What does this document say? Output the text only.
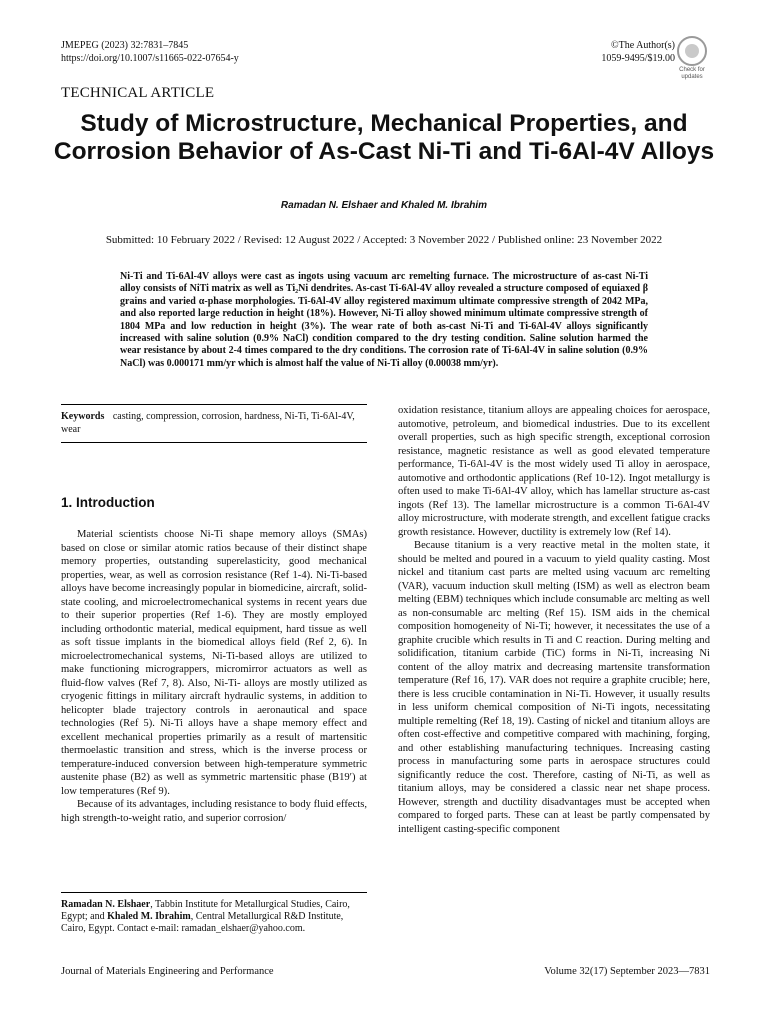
JMEPEG (2023) 32:7831–7845
https://doi.org/10.1007/s11665-022-07654-y
©The Author(s)
1059-9495/$19.00
Check for
updates
TECHNICAL ARTICLE
Study of Microstructure, Mechanical Properties, and Corrosion Behavior of As-Cast Ni-Ti and Ti-6Al-4V Alloys
Ramadan N. Elshaer and Khaled M. Ibrahim
Submitted: 10 February 2022 / Revised: 12 August 2022 / Accepted: 3 November 2022 / Published online: 23 November 2022
Ni-Ti and Ti-6Al-4V alloys were cast as ingots using vacuum arc remelting furnace. The microstructure of as-cast Ni-Ti alloy consists of NiTi matrix as well as Ti₂Ni dendrites. As-cast Ti-6Al-4V alloy revealed a structure composed of equiaxed β grains and varied α-phase morphologies. Ti-6Al-4V alloy registered maximum ultimate compressive strength of 2042 MPa, and also reported large reduction in height (18%). However, Ni-Ti alloy showed minimum ultimate compressive strength of 1804 MPa and low reduction in height (3%). The wear rate of both as-cast Ni-Ti and Ti-6Al-4V alloys significantly increased with saline solution (0.9% NaCl) condition compared to the dry testing condition. Saline solution harmed the wear resistance by about 2-4 times compared to the dry conditions. The corrosion rate of Ti-6Al-4V in saline solution (0.9% NaCl) was 0.000171 mm/yr which is almost half the value of Ni-Ti alloy (0.00038 mm/yr).
Keywords casting, compression, corrosion, hardness, Ni-Ti, Ti-6Al-4V, wear
1. Introduction

Material scientists choose Ni-Ti shape memory alloys (SMAs) based on close or similar atomic ratios because of their distinct shape memory properties, outstanding superelasticity, good mechanical properties, wear, as well as corrosion resistance (Ref 1-4). Ni-Ti-based alloys have become increasingly popular in biomedicine, aircraft, solid-state cooling, and microelectromechanical systems in recent years due to their superior properties (Ref 1-6). They are mostly employed including orthodontic material, medical equipment, hard tissue as well as soft tissue implants in the biomedical alloys field (Ref 2, 6). In microelectromechanical systems, Ni-Ti-based alloys are utilized to make functioning micrograppers, micromirror actuators as well as fluid-flow valves (Ref 7, 8). Also, Ni-Ti- alloys are mostly utilized as cryogenic fittings in military aircraft hydraulic systems, in addition to helicopter blade trajectory controls in aeronautical and space technologies (Ref 5). Ni-Ti alloys have a shape memory effect and excellent mechanical properties primarily as a result of martensitic thermoelastic transition and stress, which is the inverse process or temperature-induced conversion between high-temperature symmetric austenite phase (B2) as well as symmetric martensitic phase (B19′) at low temperatures (Ref 9).

Because of its advantages, including resistance to body fluid effects, high strength-to-weight ratio, and superior corrosion/

oxidation resistance, titanium alloys are appealing choices for aerospace, automotive, petroleum, and biomedical industries. Due to its excellent overall properties, such as high specific strength, exceptional corrosion resistance, magnetic resistance as well as good elevated temperature performance, Ti-6Al-4V is the most widely used Ti alloy in aerospace, automotive and orthodontic applications (Ref 10-12). Ingot metallurgy is often used to make Ti-6Al-4V alloy, which has lamellar structure as-cast ingots (Ref 13). The lamellar microstructure is a common Ti-6Al-4V alloy microstructure, with moderate strength, and excellent fatigue cracks growth resistance. However, ductility is extremely low (Ref 14).

Because titanium is a very reactive metal in the molten state, it should be melted and poured in a vacuum to yield quality casting. Most nickel and titanium cast parts are melted using vacuum arc remelting (VAR), vacuum induction skull melting (ISM) as well as electron beam melting (EBM) techniques which include consumable arc melting as well as non-consumable arc melting (Ref 15). ISM aids in the chemical composition homogeneity of Ni-Ti; however, it necessitates the use of a graphite crucible which results in Ti and C reaction. During melting and solidification, titanium carbide (TiC) forms in Ni-Ti, increasing Ni content of the alloy matrix and decreasing martensite transformation temperature (Ref 16, 17). VAR does not require a graphite crucible; here, there is less crucible contamination in Ni-Ti. However, it usually results in less uniform chemical composition of Ni-Ti ingots, necessitating multiple remelting (Ref 18, 19). Casting of nickel and titanium alloys are often cost-effective and competitive compared with machining, forging, and other establishing manufacturing techniques. Increasing casting process in manufacturing some parts in aerospace structures could significantly reduce the cost. Therefore, casting of Ni-Ti, as well as titanium alloys, may be considered a classic near net shape process. However, strength and ductility disadvantages must be accepted when compared to forged parts. These can at least be partly compensated by intelligent casting-specific component

Ramadan N. Elshaer, Tabbin Institute for Metallurgical Studies, Cairo, Egypt; and Khaled M. Ibrahim, Central Metallurgical R&D Institute, Cairo, Egypt. Contact e-mail: ramadan_elshaer@yahoo.com.
Journal of Materials Engineering and Performance	Volume 32(17) September 2023—7831
